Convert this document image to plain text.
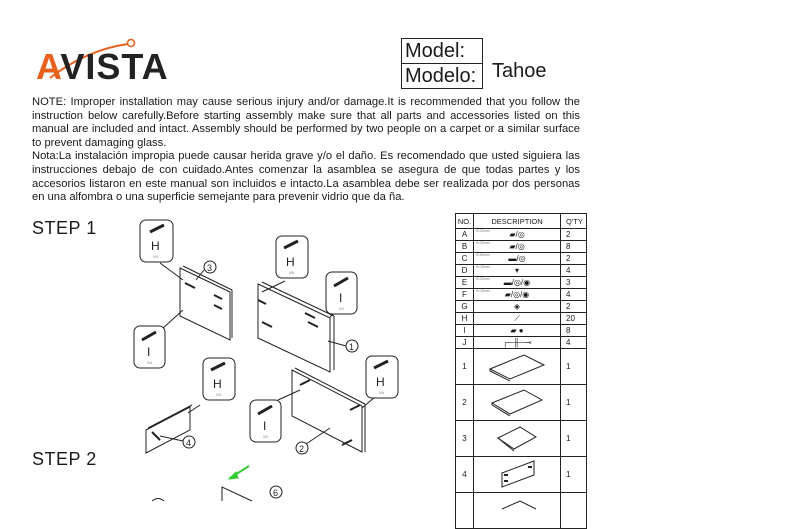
AVISTA	Model:
Modelo: Tahoe

NOTE: Improper installation may cause serious injury and/or damage.It is recommended that you follow the instruction below carefully.Before starting assembly make sure that all parts and accessories listed on this manual are included and intact. Assembly should be performed by two people on a carpet or a similar surface to prevent damaging glass.

Nota:La instalación impropia puede causar herida grave y/o el daño. Es recomendado que usted siguiera las instrucciones debajo de con cuidado.Antes comenzar la asamblea se asegura de que todas partes y los accesorios listaron en este manual son incluidos e intacto.La asamblea debe ser realizada por dos personas en una alfombra o una superficie semejante para prevenir vidrio que da ña.

STEP 1
STEP 2
3
1
4
2
6
H
X4
I
X4
H
X6
I
X2
H
X4
I
X2
H
X6
NO.	DESCRIPTION	Q'TY
A	6×30mm ▰/◎	2
B	6×30mm ▰/◎	8
C	6×60mm ▬/◎	2
D	6×15mm ▾	4
E	6×30mm ▬/◎/◉	3
F	6×15mm ▰/◎/◉	4
G	◈	2
H	⟋	20
I	▰ ●	8
J	┌─╫─⊸	4
1		1
2		1
3		1
4		1
